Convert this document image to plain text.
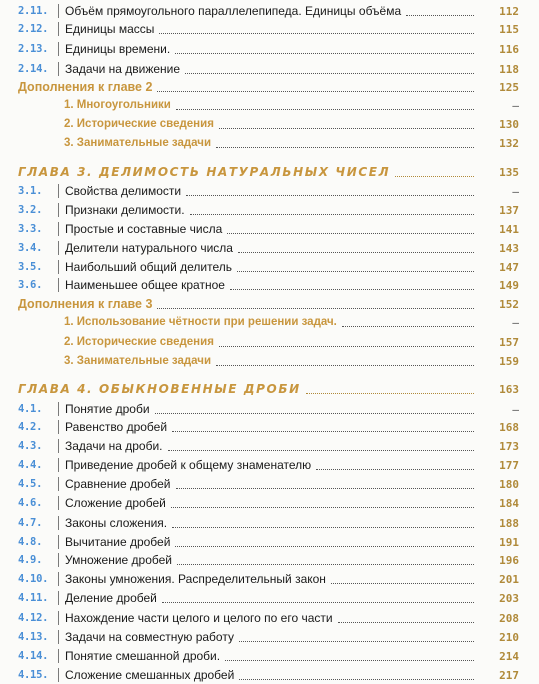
2.11.	Объём прямоугольного параллелепипеда. Единицы объёма	112
2.12.	Единицы массы	115
2.13.	Единицы времени.	116
2.14.	Задачи на движение	118
Дополнения к главе 2	125
1. Многоугольники	—
2. Исторические сведения	130
3. Занимательные задачи	132
ГЛАВА 3. ДЕЛИМОСТЬ НАТУРАЛЬНЫХ ЧИСЕЛ	135
3.1.	Свойства делимости	—
3.2.	Признаки делимости.	137
3.3.	Простые и составные числа	141
3.4.	Делители натурального числа	143
3.5.	Наибольший общий делитель	147
3.6.	Наименьшее общее кратное	149
Дополнения к главе 3	152
1. Использование чётности при решении задач.	—
2. Исторические сведения	157
3. Занимательные задачи	159
ГЛАВА 4. ОБЫКНОВЕННЫЕ ДРОБИ	163
4.1.	Понятие дроби	—
4.2.	Равенство дробей	168
4.3.	Задачи на дроби.	173
4.4.	Приведение дробей к общему знаменателю	177
4.5.	Сравнение дробей	180
4.6.	Сложение дробей	184
4.7.	Законы сложения.	188
4.8.	Вычитание дробей	191
4.9.	Умножение дробей	196
4.10.	Законы умножения. Распределительный закон	201
4.11.	Деление дробей	203
4.12.	Нахождение части целого и целого по его части	208
4.13.	Задачи на совместную работу	210
4.14.	Понятие смешанной дроби.	214
4.15.	Сложение смешанных дробей	217
